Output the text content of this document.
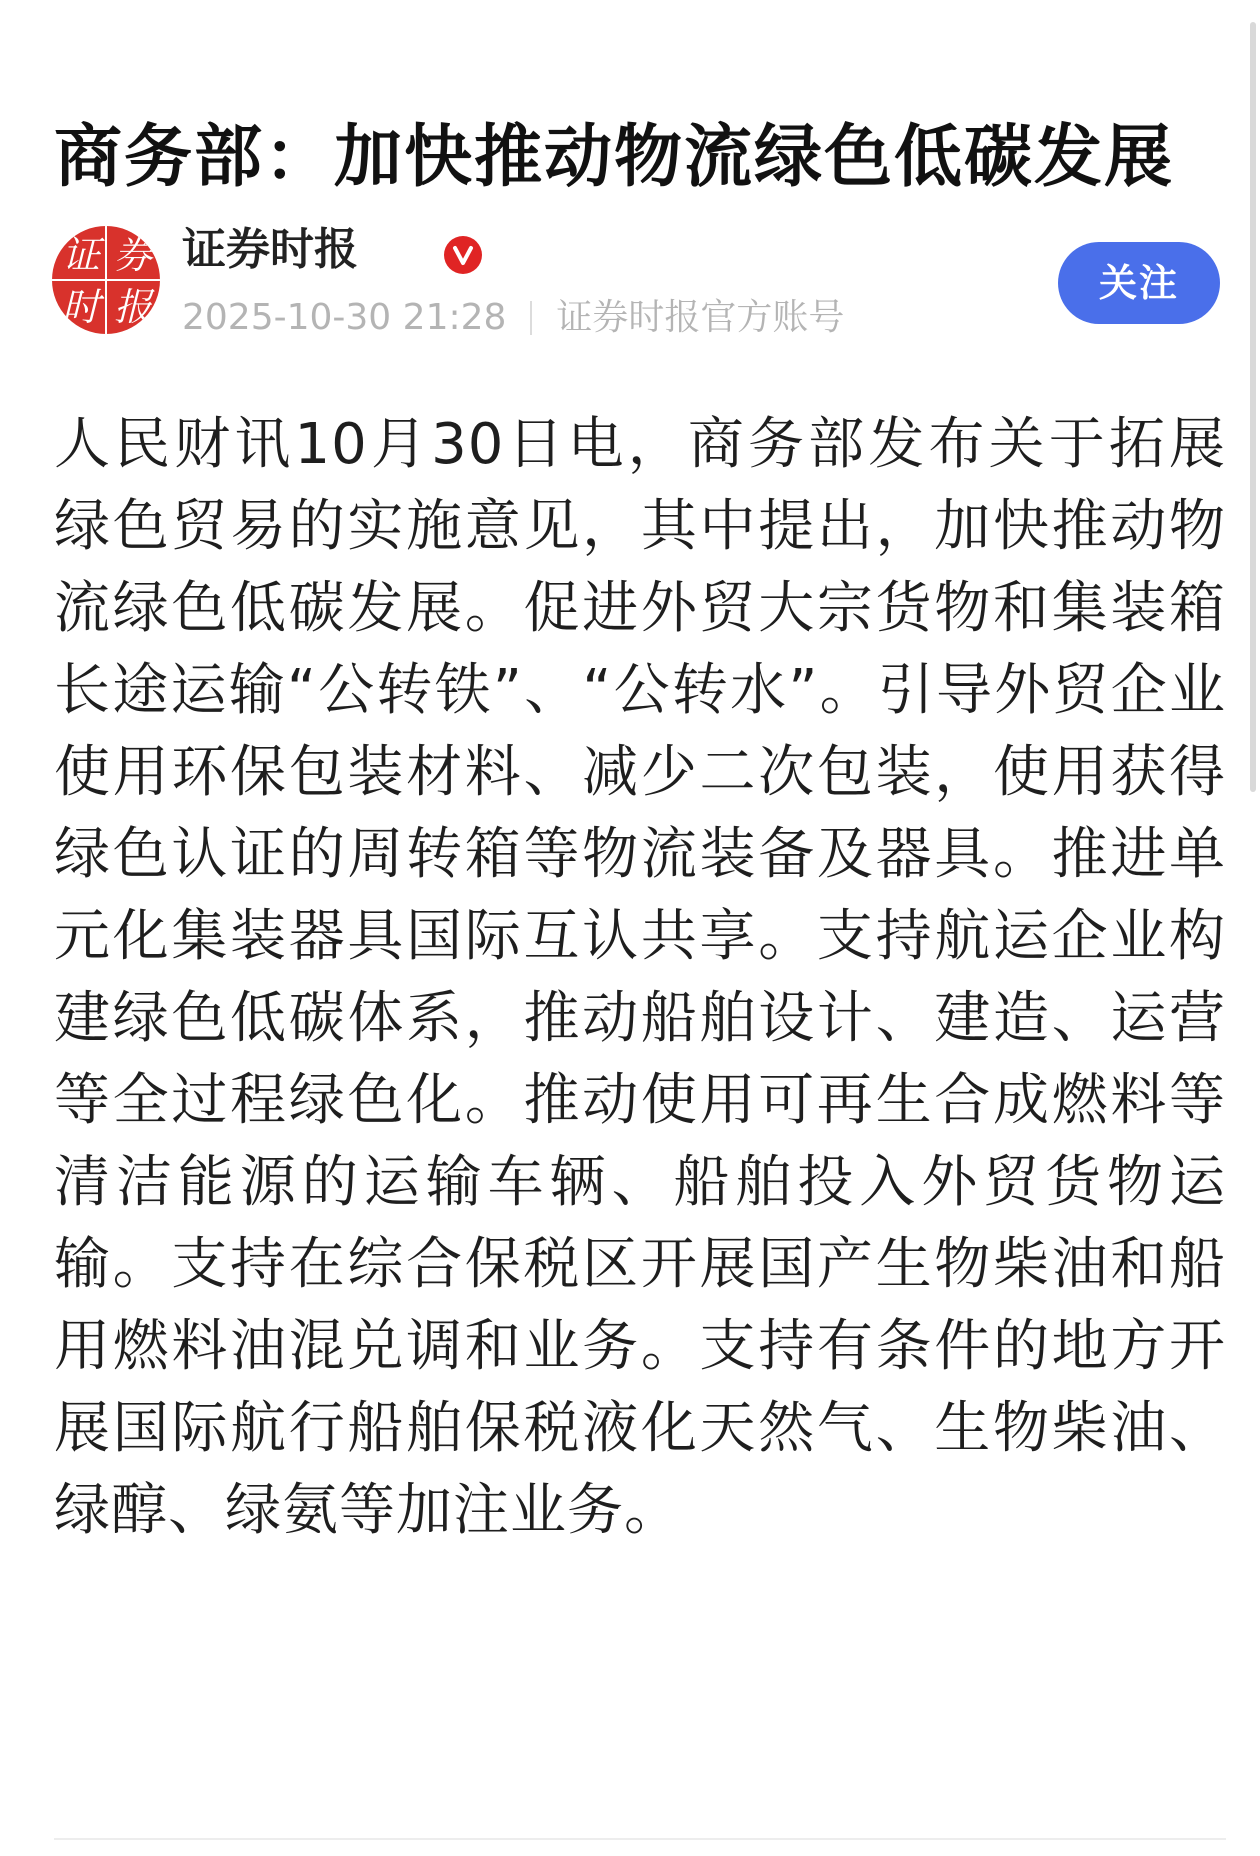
商务部：加快推动物流绿色低碳发展
证 券
时 报
证券时报
2025-10-30 21:28 证券时报官方账号
关注

人民财讯10月30日电，商务部发布关于拓展
绿色贸易的实施意见，其中提出，加快推动物
流绿色低碳发展。促进外贸大宗货物和集装箱
长途运输“公转铁”、“公转水”。引导外贸企业
使用环保包装材料、减少二次包装，使用获得
绿色认证的周转箱等物流装备及器具。推进单
元化集装器具国际互认共享。支持航运企业构
建绿色低碳体系，推动船舶设计、建造、运营
等全过程绿色化。推动使用可再生合成燃料等
清洁能源的运输车辆、船舶投入外贸货物运
输。支持在综合保税区开展国产生物柴油和船
用燃料油混兑调和业务。支持有条件的地方开
展国际航行船舶保税液化天然气、生物柴油、
绿醇、绿氨等加注业务。
